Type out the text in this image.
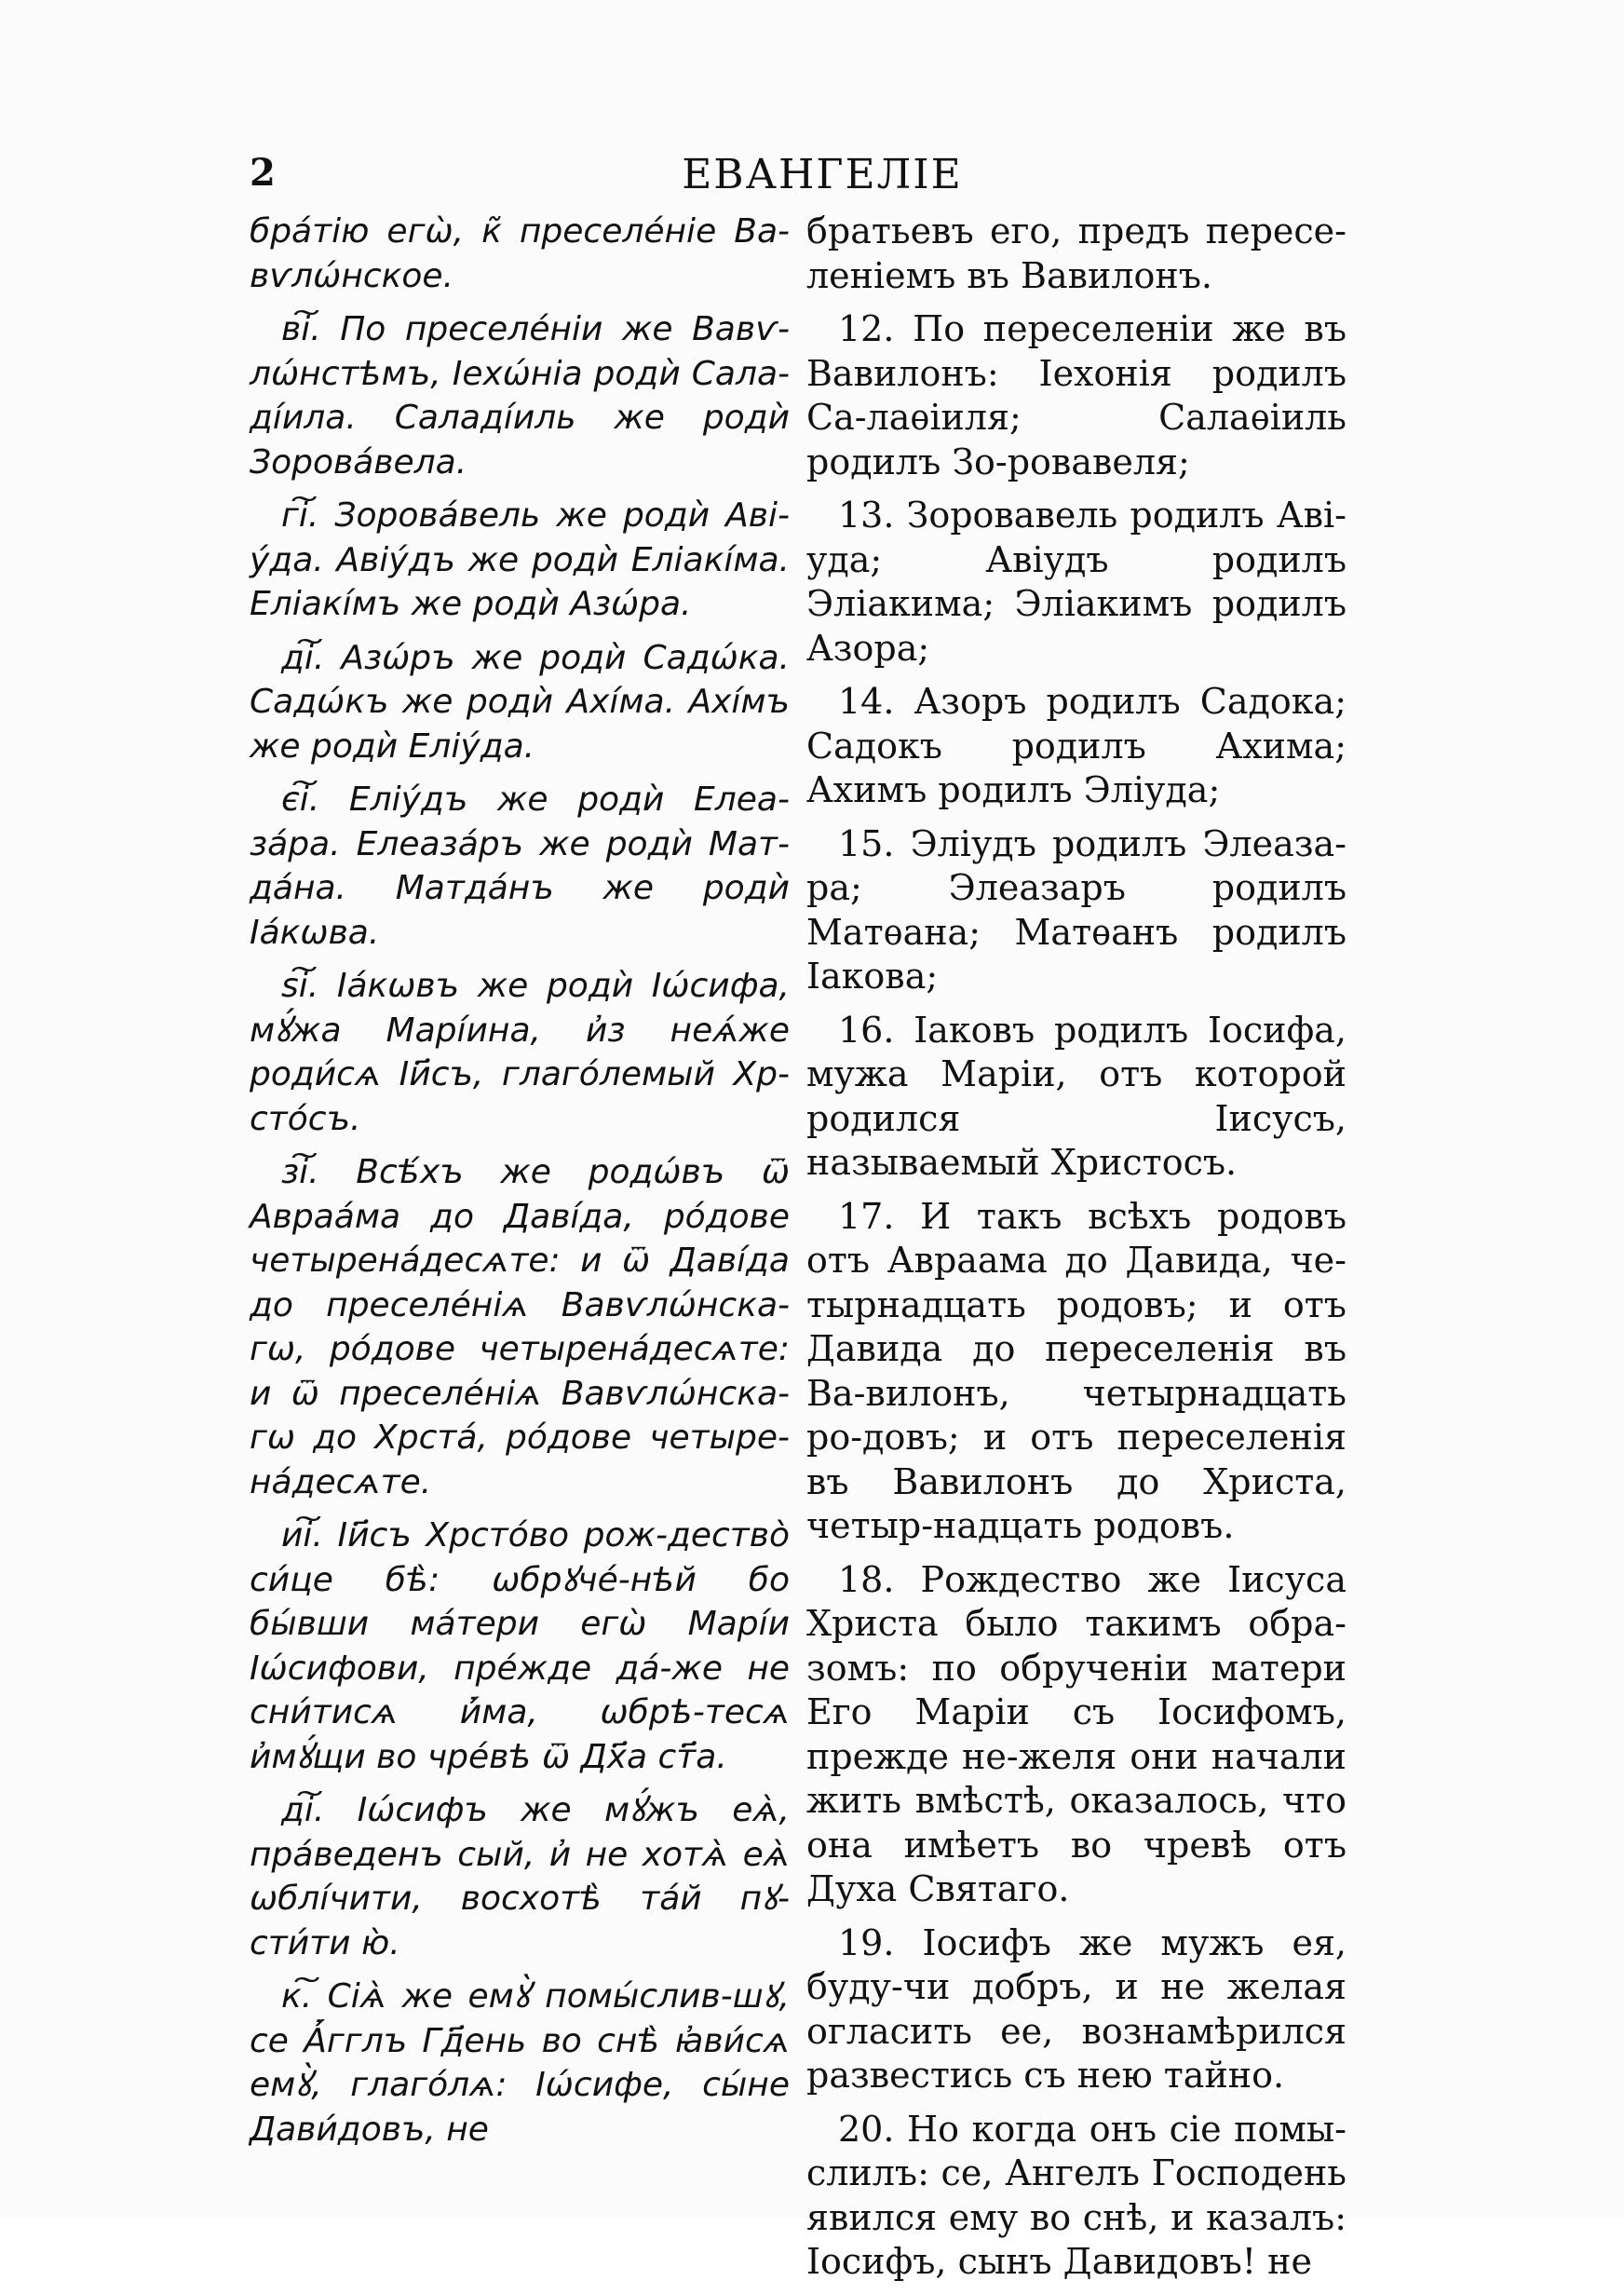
2	ЕВАНГЕЛІЕ

брáтію егѡ̀, к̃ преселéніе Ва-вѵлѡ́нское.

в͠і. По преселéніи же Вавѵ-лѡ́нстѣмъ, Іехѡ́ніа родѝ Сала-ді́ила. Саладі́иль же родѝ Зоровáвела.

г͠і. Зоровáвель же родѝ Аві-ýда. Авіýдъ же родѝ Еліакíма. Еліакíмъ же родѝ Азѡ́ра.

д͠і. Азѡ́ръ же родѝ Садѡ́ка. Садѡ́къ же родѝ Ахíма. Ахíмъ же родѝ Еліýда.

є͠і. Еліýдъ же родѝ Елеа-зáра. Елеазáръ же родѝ Мат-дáна. Матдáнъ же родѝ Іáкѡва.

ѕ͠і. Іáкѡвъ же родѝ Іѡ́сифа, мꙋ́жа Марі́ина, и҆з неѧ́же роди́сѧ Іи҃съ, глагóлемый Хр-стóсъ.

з͠і. Всѣ́хъ же родѡ́въ ѿ Авраáма до Давíда, рóдове четыренáдесѧте: и ѿ Давíда до преселéніѧ Вавѵлѡ́нска-гѡ, рóдове четыренáдесѧте: и ѿ преселéніѧ Вавѵлѡ́нска-гѡ до Хрстá, рóдове четыре-нáдесѧте.

и͠і. Іи҃съ Хрстóво рож-дество̀ си́це бѣ̀: ѡбрꙋчé-нѣй бо бы́вши мáтери егѡ̀ Марі́и Іѡ́сифови, прéжде дá-же не сни́тисѧ и҆́ма, ѡбрѣ-тесѧ и҆мꙋ́щи во чрéвѣ ѿ Дх҃а ст҃а.

д͠і. Іѡ́сифъ же мꙋ́жъ еѧ̀, прáведенъ сый, и҆ не хотѧ̀ еѧ̀ ѡблíчити, восхотѣ̀ тáй пꙋ-сти́ти ю̀.

к͠. Сiѧ̀ же емꙋ̀ помы́слив-шꙋ, се А҆́гглъ Гд҃ень во снѣ̀ ꙗ҆ви́сѧ емꙋ̀, глагóлѧ: Іѡ́сифе, сы́не Дави́довъ, не

братьевъ его, предъ пересе-леніемъ въ Вавилонъ.

12. По переселеніи же въ Вавилонъ: Іехонія родилъ Са-лаѳіиля; Салаѳіиль родилъ Зо-ровавеля;

13. Зоровавель родилъ Аві-уда; Авіудъ родилъ Эліакима; Эліакимъ родилъ Азора;

14. Азоръ родилъ Садока; Садокъ родилъ Ахима; Ахимъ родилъ Эліуда;

15. Эліудъ родилъ Элеаза-ра; Элеазаръ родилъ Матѳана; Матѳанъ родилъ Іакова;

16. Іаковъ родилъ Іосифа, мужа Маріи, отъ которой родился Іисусъ, называемый Христосъ.

17. И такъ всѣхъ родовъ отъ Авраама до Давида, че-тырнадцать родовъ; и отъ Давида до переселенія въ Ва-вилонъ, четырнадцать ро-довъ; и отъ переселенія въ Вавилонъ до Христа, четыр-надцать родовъ.

18. Рождество же Іисуса Христа было такимъ обра-зомъ: по обрученіи матери Его Маріи съ Іосифомъ, прежде не-желя они начали жить вмѣстѣ, оказалось, что она имѣетъ во чревѣ отъ Духа Святаго.

19. Іосифъ же мужъ ея, буду-чи добръ, и не желая огласить ее, вознамѣрился развестись съ нею тайно.

20. Но когда онъ сіе помы-слилъ: се, Ангелъ Господень явился ему во снѣ, и казалъ: Іосифъ, сынъ Давидовъ! не
